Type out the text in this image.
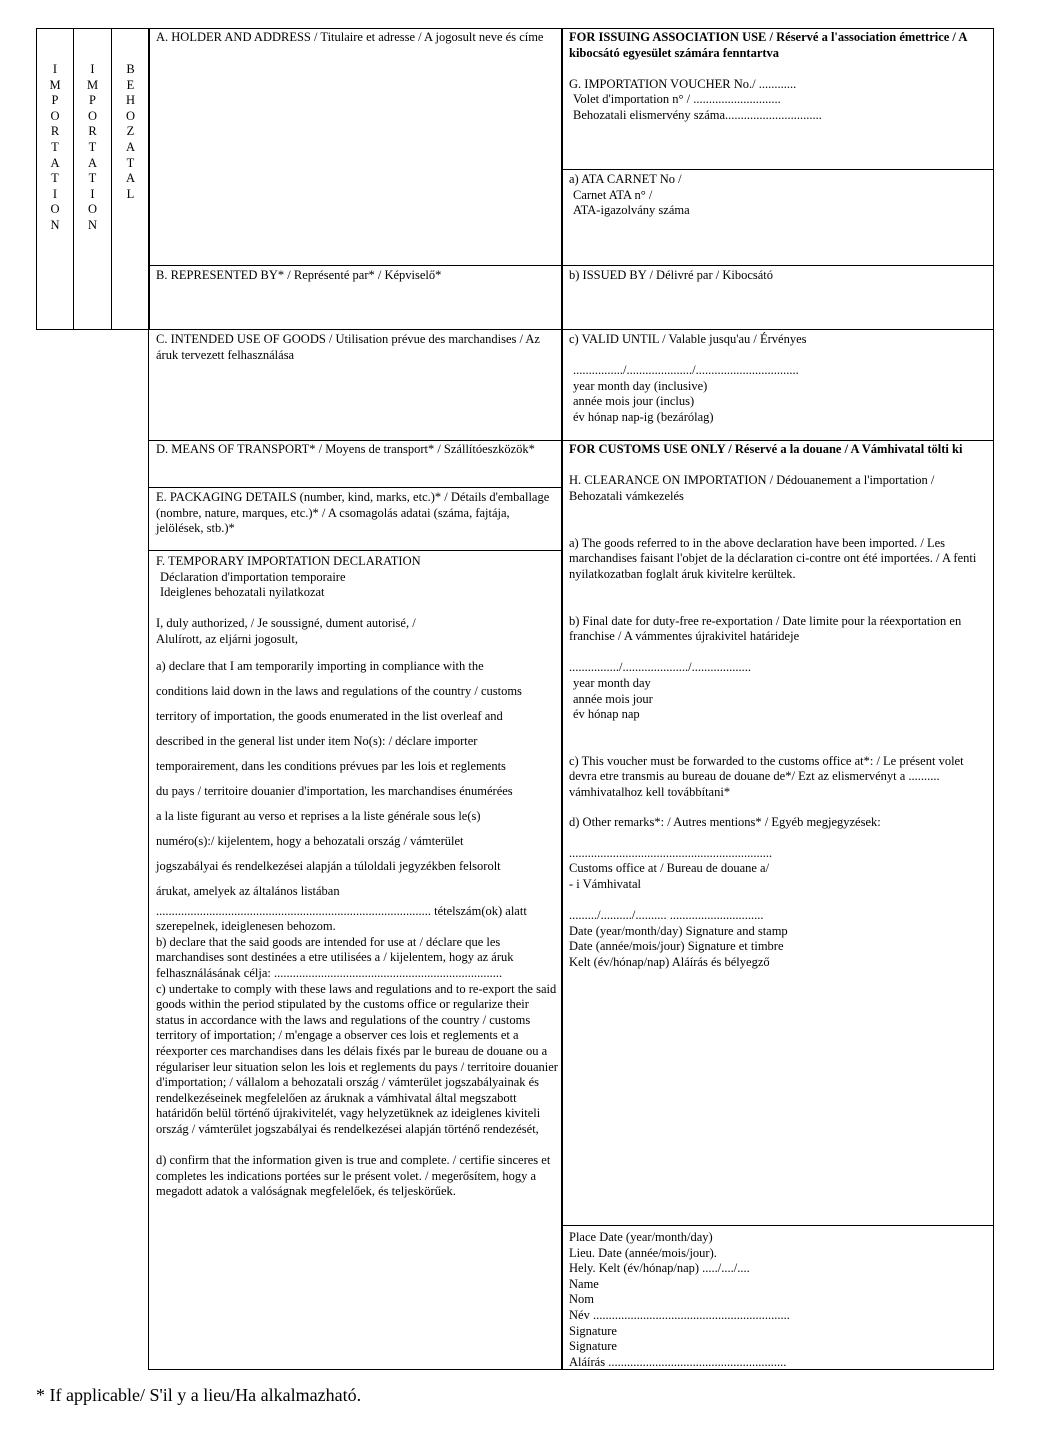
I
M
P
O
R
T
A
T
I
O
N
I
M
P
O
R
T
A
T
I
O
N
B
E
H
O
Z
A
T
A
L

A. HOLDER AND ADDRESS / Titulaire et adresse / A jogosult neve és címe

B. REPRESENTED BY* / Représenté par* / Képviselő*

C. INTENDED USE OF GOODS / Utilisation prévue des marchandises / Az áruk tervezett felhasználása

D. MEANS OF TRANSPORT* / Moyens de transport* / Szállítóeszközök*

E. PACKAGING DETAILS (number, kind, marks, etc.)* / Détails d'emballage (nombre, nature, marques, etc.)* / A csomagolás adatai (száma, fajtája, jelölések, stb.)*

F. TEMPORARY IMPORTATION DECLARATION

Déclaration d'importation temporaire

Ideiglenes behozatali nyilatkozat

I, duly authorized, / Je soussigné, dument autorisé, /

Alulírott, az eljárni jogosult,

a) declare that I am temporarily importing in compliance with the

conditions laid down in the laws and regulations of the country / customs

territory of importation, the goods enumerated in the list overleaf and

described in the general list under item No(s): / déclare importer

temporairement, dans les conditions prévues par les lois et reglements

du pays / territoire douanier d'importation, les marchandises énumérées

a la liste figurant au verso et reprises a la liste générale sous le(s)

numéro(s):/ kijelentem, hogy a behozatali ország / vámterület

jogszabályai és rendelkezései alapján a túloldali jegyzékben felsorolt

árukat, amelyek az általános listában

........................................................................................ tételszám(ok) alatt

szerepelnek, ideiglenesen behozom.

b) declare that the said goods are intended for use at / déclare que les marchandises sont destinées a etre utilisées a / kijelentem, hogy az áruk felhasználásának célja: .........................................................................

c) undertake to comply with these laws and regulations and to re-export the said goods within the period stipulated by the customs office or regularize their status in accordance with the laws and regulations of the country / customs territory of importation; / m'engage a observer ces lois et reglements et a réexporter ces marchandises dans les délais fixés par le bureau de douane ou a régulariser leur situation selon les lois et reglements du pays / territoire douanier d'importation; / vállalom a behozatali ország / vámterület jogszabályainak és rendelkezéseinek megfelelően az áruknak a vámhivatal által megszabott határidőn belül történő újrakivitelét, vagy helyzetüknek az ideiglenes kiviteli ország / vámterület jogszabályai és rendelkezései alapján történő rendezését,

d) confirm that the information given is true and complete. / certifie sinceres et completes les indications portées sur le présent volet. / megerősítem, hogy a megadott adatok a valóságnak megfelelőek, és teljeskörűek.

FOR ISSUING ASSOCIATION USE / Réservé a l'association émettrice / A kibocsátó egyesület számára fenntartva

G. IMPORTATION VOUCHER No./ ............

Volet d'importation n° / ............................

Behozatali elismervény száma...............................

a) ATA CARNET No /

Carnet ATA n° /

ATA-igazolvány száma

b) ISSUED BY / Délivré par / Kibocsátó

c) VALID UNTIL / Valable jusqu'au / Érvényes

................/...................../.................................

year month day (inclusive)

année mois jour (inclus)

év hónap nap-ig (bezárólag)

FOR CUSTOMS USE ONLY / Réservé a la douane / A Vámhivatal tölti ki

H. CLEARANCE ON IMPORTATION / Dédouanement a l'importation / Behozatali vámkezelés

a) The goods referred to in the above declaration have been imported. / Les marchandises faisant l'objet de la déclaration ci-contre ont été importées. / A fenti nyilatkozatban foglalt áruk kivitelre kerültek.

b) Final date for duty-free re-exportation / Date limite pour la réexportation en franchise / A vámmentes újrakivitel határideje

................/...................../...................

year month day

année mois jour

év hónap nap

c) This voucher must be forwarded to the customs office at*: / Le présent volet devra etre transmis au bureau de douane de*/ Ezt az elismervényt a .......... vámhivatalhoz kell továbbítani*

d) Other remarks*: / Autres mentions* / Egyéb megjegyzések:

.................................................................

Customs office at / Bureau de douane a/

- i Vámhivatal

........./........../.......... ..............................

Date (year/month/day) Signature and stamp

Date (année/mois/jour) Signature et timbre

Kelt (év/hónap/nap) Aláírás és bélyegző

Place Date (year/month/day)

Lieu. Date (année/mois/jour).

Hely. Kelt (év/hónap/nap) ...../..../....

Name

Nom

Név ...............................................................

Signature

Signature

Aláírás .........................................................

* If applicable/ S'il y a lieu/Ha alkalmazható.
